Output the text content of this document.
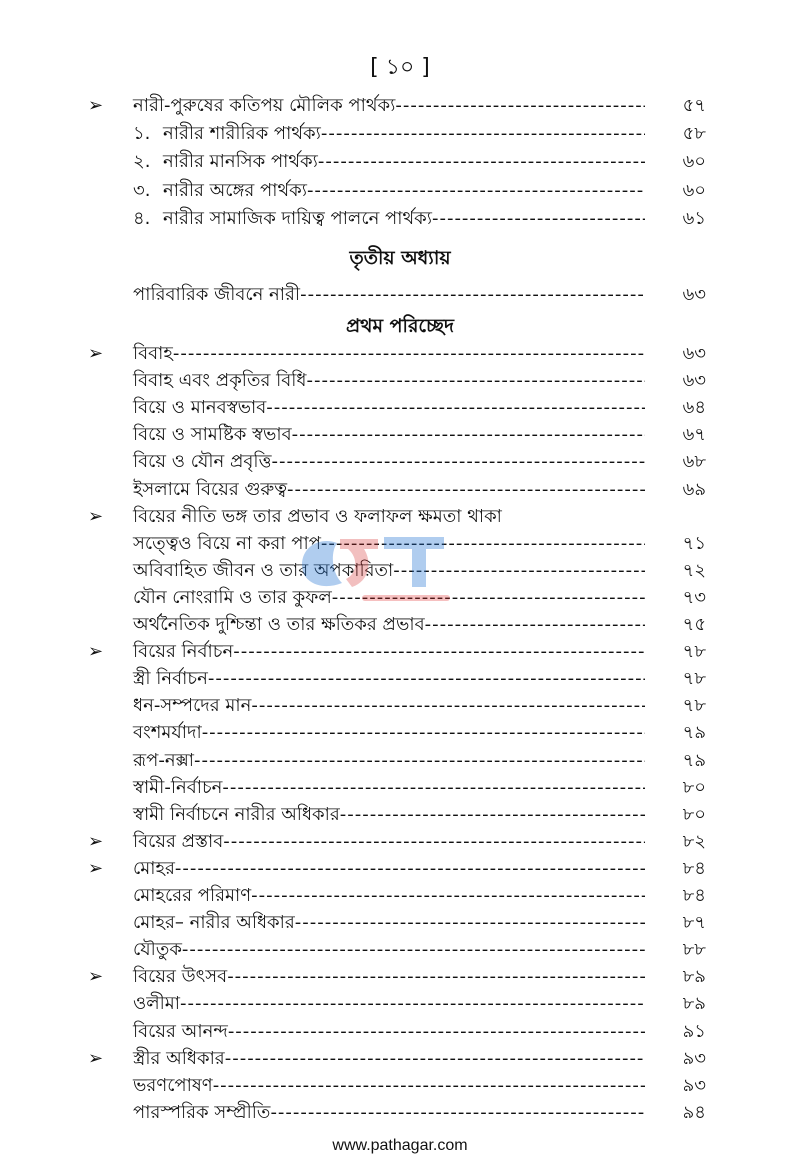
[ ১০ ]
➢ নারী-পুরুষের কতিপয় মৌলিক পার্থক্য -----	৫৭
১. নারীর শারীরিক পার্থক্য -----	৫৮
২. নারীর মানসিক পার্থক্য -----	৬০
৩. নারীর অঙ্গের পার্থক্য -----	৬০
৪. নারীর সামাজিক দায়িত্ব পালনে পার্থক্য -----	৬১
তৃতীয় অধ্যায়
পারিবারিক জীবনে নারী -----	৬৩
প্রথম পরিচ্ছেদ
➢ বিবাহ -----	৬৩
বিবাহ এবং প্রকৃতির বিধি -----	৬৩
বিয়ে ও মানবস্বভাব -----	৬৪
বিয়ে ও সামষ্টিক স্বভাব -----	৬৭
বিয়ে ও যৌন প্রবৃত্তি -----	৬৮
ইসলামে বিয়ের গুরুত্ব -----	৬৯
➢ বিয়ের নীতি ভঙ্গ তার প্রভাব ও ফলাফল ক্ষমতা থাকা
সত্ত্বেও বিয়ে না করা পাপ -----	৭১
অবিবাহিত জীবন ও তার অপকারিতা -----	৭২
যৌন নোংরামি ও তার কুফল -----	৭৩
অর্থনৈতিক দুশ্চিন্তা ও তার ক্ষতিকর প্রভাব -----	৭৫
➢ বিয়ের নির্বাচন -----	৭৮
স্ত্রী নির্বাচন -----	৭৮
ধন-সম্পদের মান -----	৭৮
বংশমর্যাদা -----	৭৯
রূপ-নক্সা -----	৭৯
স্বামী-নির্বাচন -----	৮০
স্বামী নির্বাচনে নারীর অধিকার -----	৮০
➢ বিয়ের প্রস্তাব -----	৮২
➢ মোহর -----	৮৪
মোহরের পরিমাণ -----	৮৪
মোহর– নারীর অধিকার -----	৮৭
যৌতুক -----	৮৮
➢ বিয়ের উৎসব -----	৮৯
ওলীমা -----	৮৯
বিয়ের আনন্দ -----	৯১
➢ স্ত্রীর অধিকার -----	৯৩
ভরণপোষণ -----	৯৩
পারস্পরিক সম্প্রীতি -----	৯৪
www.pathagar.com
